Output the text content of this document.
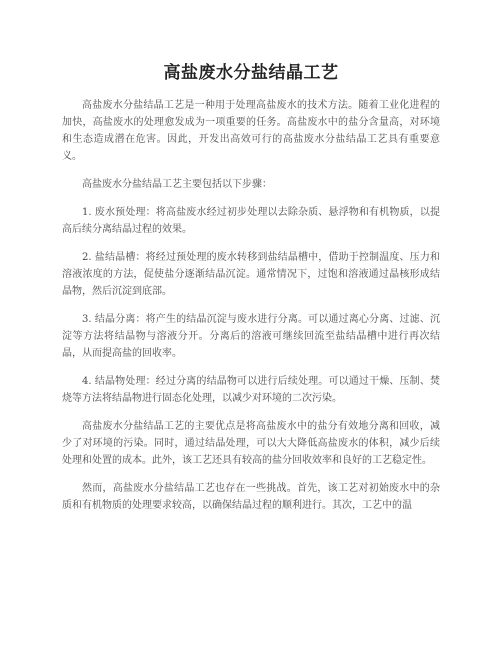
高盐废水分盐结晶工艺

高盐废水分盐结晶工艺是一种用于处理高盐废水的技术方法。随着工业化进程的加快，高盐废水的处理愈发成为一项重要的任务。高盐废水中的盐分含量高，对环境和生态造成潜在危害。因此，开发出高效可行的高盐废水分盐结晶工艺具有重要意义。

高盐废水分盐结晶工艺主要包括以下步骤：

1. 废水预处理：将高盐废水经过初步处理以去除杂质、悬浮物和有机物质，以提高后续分离结晶过程的效果。

2. 盐结晶槽：将经过预处理的废水转移到盐结晶槽中，借助于控制温度、压力和溶液浓度的方法，促使盐分逐渐结晶沉淀。通常情况下，过饱和溶液通过晶核形成结晶物，然后沉淀到底部。

3. 结晶分离：将产生的结晶沉淀与废水进行分离。可以通过离心分离、过滤、沉淀等方法将结晶物与溶液分开。分离后的溶液可继续回流至盐结晶槽中进行再次结晶，从而提高盐的回收率。

4. 结晶物处理：经过分离的结晶物可以进行后续处理。可以通过干燥、压制、焚烧等方法将结晶物进行固态化处理，以减少对环境的二次污染。

高盐废水分盐结晶工艺的主要优点是将高盐废水中的盐分有效地分离和回收，减少了对环境的污染。同时，通过结晶处理，可以大大降低高盐废水的体积，减少后续处理和处置的成本。此外，该工艺还具有较高的盐分回收效率和良好的工艺稳定性。

然而，高盐废水分盐结晶工艺也存在一些挑战。首先，该工艺对初始废水中的杂质和有机物质的处理要求较高，以确保结晶过程的顺利进行。其次，工艺中的温
